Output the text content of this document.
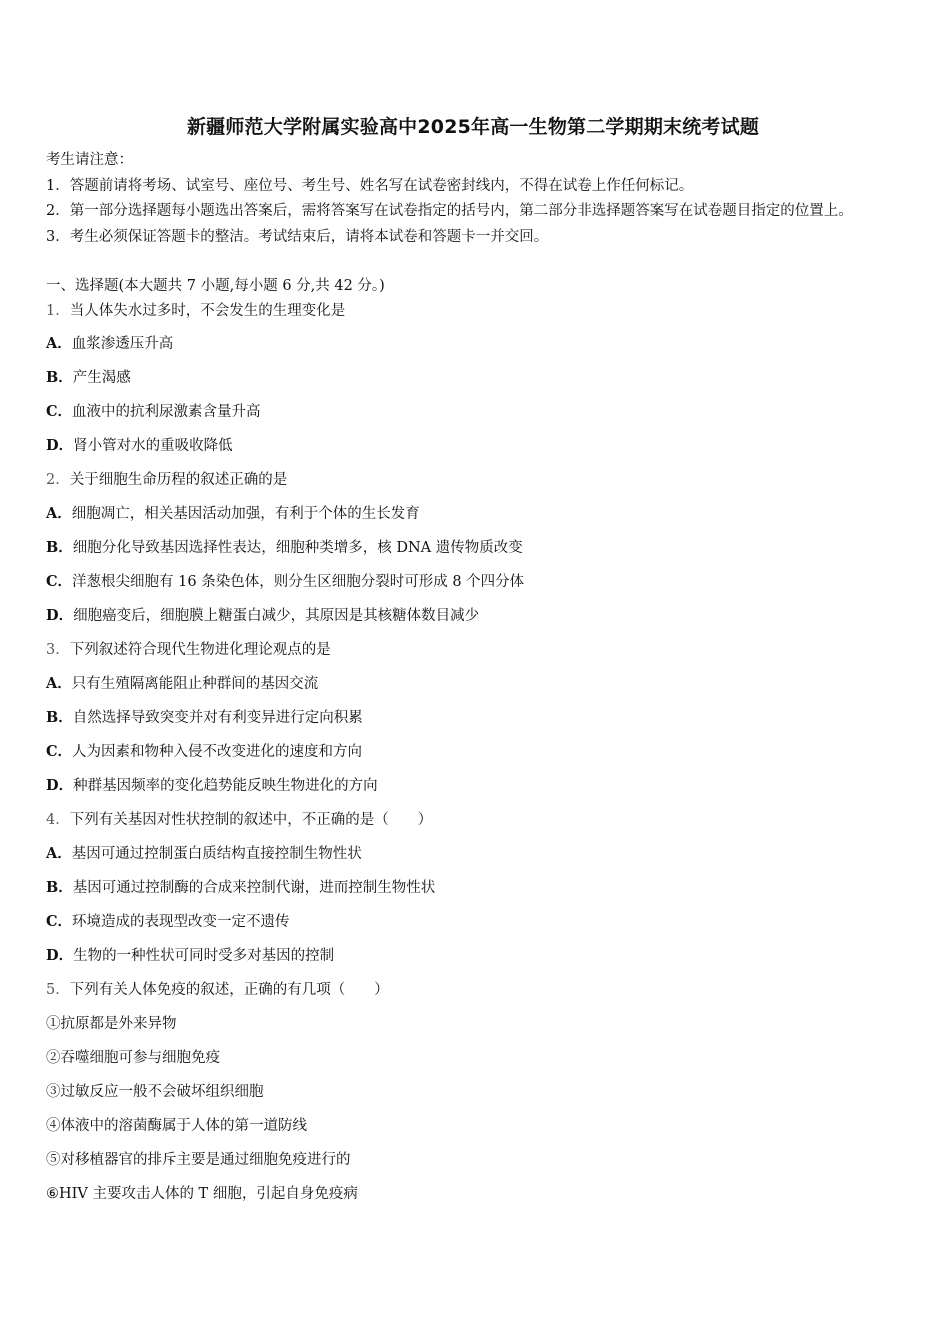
新疆师范大学附属实验高中2025年高一生物第二学期期末统考试题

考生请注意：

1．答题前请将考场、试室号、座位号、考生号、姓名写在试卷密封线内，不得在试卷上作任何标记。

2．第一部分选择题每小题选出答案后，需将答案写在试卷指定的括号内，第二部分非选择题答案写在试卷题目指定的位置上。

3．考生必须保证答题卡的整洁。考试结束后，请将本试卷和答题卡一并交回。

一、选择题(本大题共 7 小题,每小题 6 分,共 42 分。)
1．当人体失水过多时，不会发生的生理变化是
A．血浆渗透压升高
B．产生渴感
C．血液中的抗利尿激素含量升高
D．肾小管对水的重吸收降低
2．关于细胞生命历程的叙述正确的是
A．细胞凋亡，相关基因活动加强，有利于个体的生长发育
B．细胞分化导致基因选择性表达，细胞种类增多，核 DNA 遗传物质改变
C．洋葱根尖细胞有 16 条染色体，则分生区细胞分裂时可形成 8 个四分体
D．细胞癌变后，细胞膜上糖蛋白减少，其原因是其核糖体数目减少
3．下列叙述符合现代生物进化理论观点的是
A．只有生殖隔离能阻止种群间的基因交流
B．自然选择导致突变并对有利变异进行定向积累
C．人为因素和物种入侵不改变进化的速度和方向
D．种群基因频率的变化趋势能反映生物进化的方向
4．下列有关基因对性状控制的叙述中，不正确的是（　　）
A．基因可通过控制蛋白质结构直接控制生物性状
B．基因可通过控制酶的合成来控制代谢，进而控制生物性状
C．环境造成的表现型改变一定不遗传
D．生物的一种性状可同时受多对基因的控制
5．下列有关人体免疫的叙述，正确的有几项（　　）
①抗原都是外来异物
②吞噬细胞可参与细胞免疫
③过敏反应一般不会破坏组织细胞
④体液中的溶菌酶属于人体的第一道防线
⑤对移植器官的排斥主要是通过细胞免疫进行的
⑥HIV 主要攻击人体的 T 细胞，引起自身免疫病
